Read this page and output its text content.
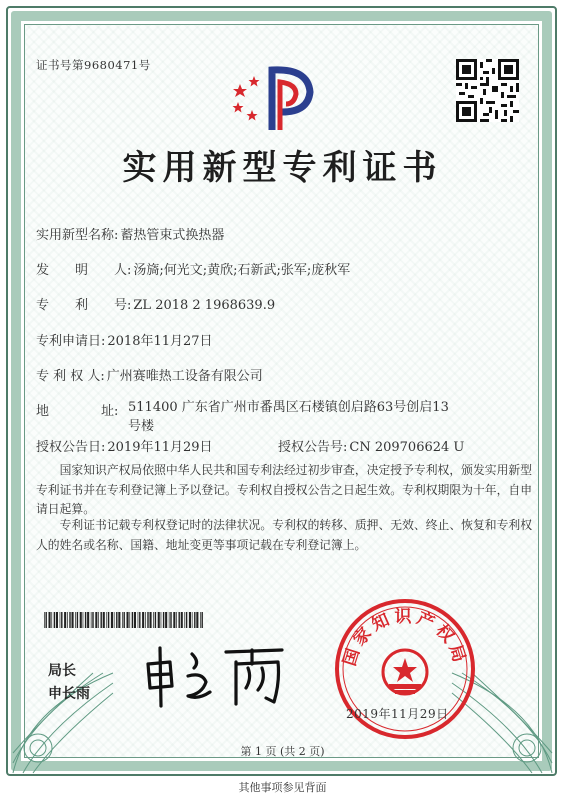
证书号第9680471号
实用新型专利证书
实用新型名称: 蓄热管束式换热器
发　　明　　人: 汤旖;何光文;黄欣;石新武;张军;庞秋军
专　　利　　号: ZL 2018 2 1968639.9
专利申请日: 2018年11月27日
专 利 权 人: 广州赛唯热工设备有限公司
地　　　　址: 511400 广东省广州市番禺区石楼镇创启路63号创启13号楼
授权公告日: 2019年11月29日	授权公告号: CN 209706624 U
国家知识产权局依照中华人民共和国专利法经过初步审查，决定授予专利权，颁发实用新型专利证书并在专利登记簿上予以登记。专利权自授权公告之日起生效。专利权期限为十年，自申请日起算。
专利证书记载专利权登记时的法律状况。专利权的转移、质押、无效、终止、恢复和专利权人的姓名或名称、国籍、地址变更等事项记载在专利登记簿上。
局长
申长雨
国家知识产权局
2019年11月29日
第 1 页 (共 2 页)
其他事项参见背面
